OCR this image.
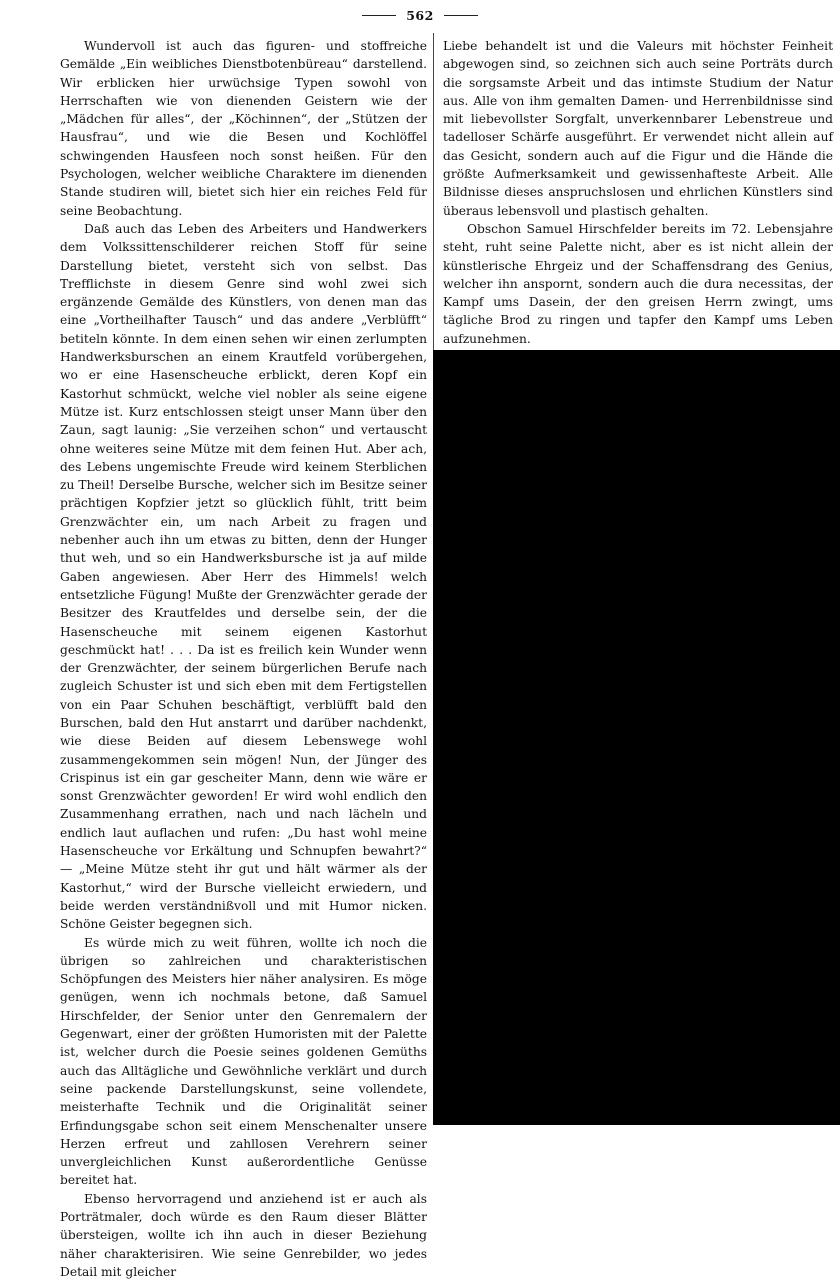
562

Wundervoll ist auch das figuren- und stoffreiche Gemälde „Ein weibliches Dienstbotenbüreau“ darstellend. Wir erblicken hier urwüchsige Typen sowohl von Herrschaften wie von dienenden Geistern wie der „Mädchen für alles“, der „Köchinnen“, der „Stützen der Hausfrau“, und wie die Besen und Kochlöffel schwingenden Hausfeen noch sonst heißen. Für den Psychologen, welcher weibliche Charaktere im dienenden Stande studiren will, bietet sich hier ein reiches Feld für seine Beobachtung.

Daß auch das Leben des Arbeiters und Handwerkers dem Volkssittenschilderer reichen Stoff für seine Darstellung bietet, versteht sich von selbst. Das Trefflichste in diesem Genre sind wohl zwei sich ergänzende Gemälde des Künstlers, von denen man das eine „Vortheilhafter Tausch“ und das andere „Verblüfft“ betiteln könnte. In dem einen sehen wir einen zerlumpten Handwerksburschen an einem Krautfeld vorübergehen, wo er eine Hasenscheuche erblickt, deren Kopf ein Kastorhut schmückt, welche viel nobler als seine eigene Mütze ist. Kurz entschlossen steigt unser Mann über den Zaun, sagt launig: „Sie verzeihen schon“ und vertauscht ohne weiteres seine Mütze mit dem feinen Hut. Aber ach, des Lebens ungemischte Freude wird keinem Sterblichen zu Theil! Derselbe Bursche, welcher sich im Besitze seiner prächtigen Kopfzier jetzt so glücklich fühlt, tritt beim Grenzwächter ein, um nach Arbeit zu fragen und nebenher auch ihn um etwas zu bitten, denn der Hunger thut weh, und so ein Handwerksbursche ist ja auf milde Gaben angewiesen. Aber Herr des Himmels! welch entsetzliche Fügung! Mußte der Grenzwächter gerade der Besitzer des Krautfeldes und derselbe sein, der die Hasenscheuche mit seinem eigenen Kastorhut geschmückt hat! . . . Da ist es freilich kein Wunder wenn der Grenzwächter, der seinem bürgerlichen Berufe nach zugleich Schuster ist und sich eben mit dem Fertigstellen von ein Paar Schuhen beschäftigt, verblüfft bald den Burschen, bald den Hut anstarrt und darüber nachdenkt, wie diese Beiden auf diesem Lebenswege wohl zusammengekommen sein mögen! Nun, der Jünger des Crispinus ist ein gar gescheiter Mann, denn wie wäre er sonst Grenzwächter geworden! Er wird wohl endlich den Zusammenhang errathen, nach und nach lächeln und endlich laut auflachen und rufen: „Du hast wohl meine Hasenscheuche vor Erkältung und Schnupfen bewahrt?“ — „Meine Mütze steht ihr gut und hält wärmer als der Kastorhut,“ wird der Bursche vielleicht erwiedern, und beide werden verständnißvoll und mit Humor nicken. Schöne Geister begegnen sich.

Es würde mich zu weit führen, wollte ich noch die übrigen so zahlreichen und charakteristischen Schöpfungen des Meisters hier näher analysiren. Es möge genügen, wenn ich nochmals betone, daß Samuel Hirschfelder, der Senior unter den Genremalern der Gegenwart, einer der größten Humoristen mit der Palette ist, welcher durch die Poesie seines goldenen Gemüths auch das Alltägliche und Gewöhnliche verklärt und durch seine packende Darstellungskunst, seine vollendete, meisterhafte Technik und die Originalität seiner Erfindungsgabe schon seit einem Menschenalter unsere Herzen erfreut und zahllosen Verehrern seiner unvergleichlichen Kunst außerordentliche Genüsse bereitet hat.

Ebenso hervorragend und anziehend ist er auch als Porträtmaler, doch würde es den Raum dieser Blätter übersteigen, wollte ich ihn auch in dieser Beziehung näher charakterisiren. Wie seine Genrebilder, wo jedes Detail mit gleicher

Liebe behandelt ist und die Valeurs mit höchster Feinheit abgewogen sind, so zeichnen sich auch seine Porträts durch die sorgsamste Arbeit und das intimste Studium der Natur aus. Alle von ihm gemalten Damen- und Herrenbildnisse sind mit liebevollster Sorgfalt, unverkennbarer Lebenstreue und tadelloser Schärfe ausgeführt. Er verwendet nicht allein auf das Gesicht, sondern auch auf die Figur und die Hände die größte Aufmerksamkeit und gewissenhafteste Arbeit. Alle Bildnisse dieses anspruchslosen und ehrlichen Künstlers sind überaus lebensvoll und plastisch gehalten.

Obschon Samuel Hirschfelder bereits im 72. Lebensjahre steht, ruht seine Palette nicht, aber es ist nicht allein der künstlerische Ehrgeiz und der Schaffensdrang des Genius, welcher ihn anspornt, sondern auch die dura necessitas, der Kampf ums Dasein, der den greisen Herrn zwingt, ums tägliche Brod zu ringen und tapfer den Kampf ums Leben aufzunehmen.
